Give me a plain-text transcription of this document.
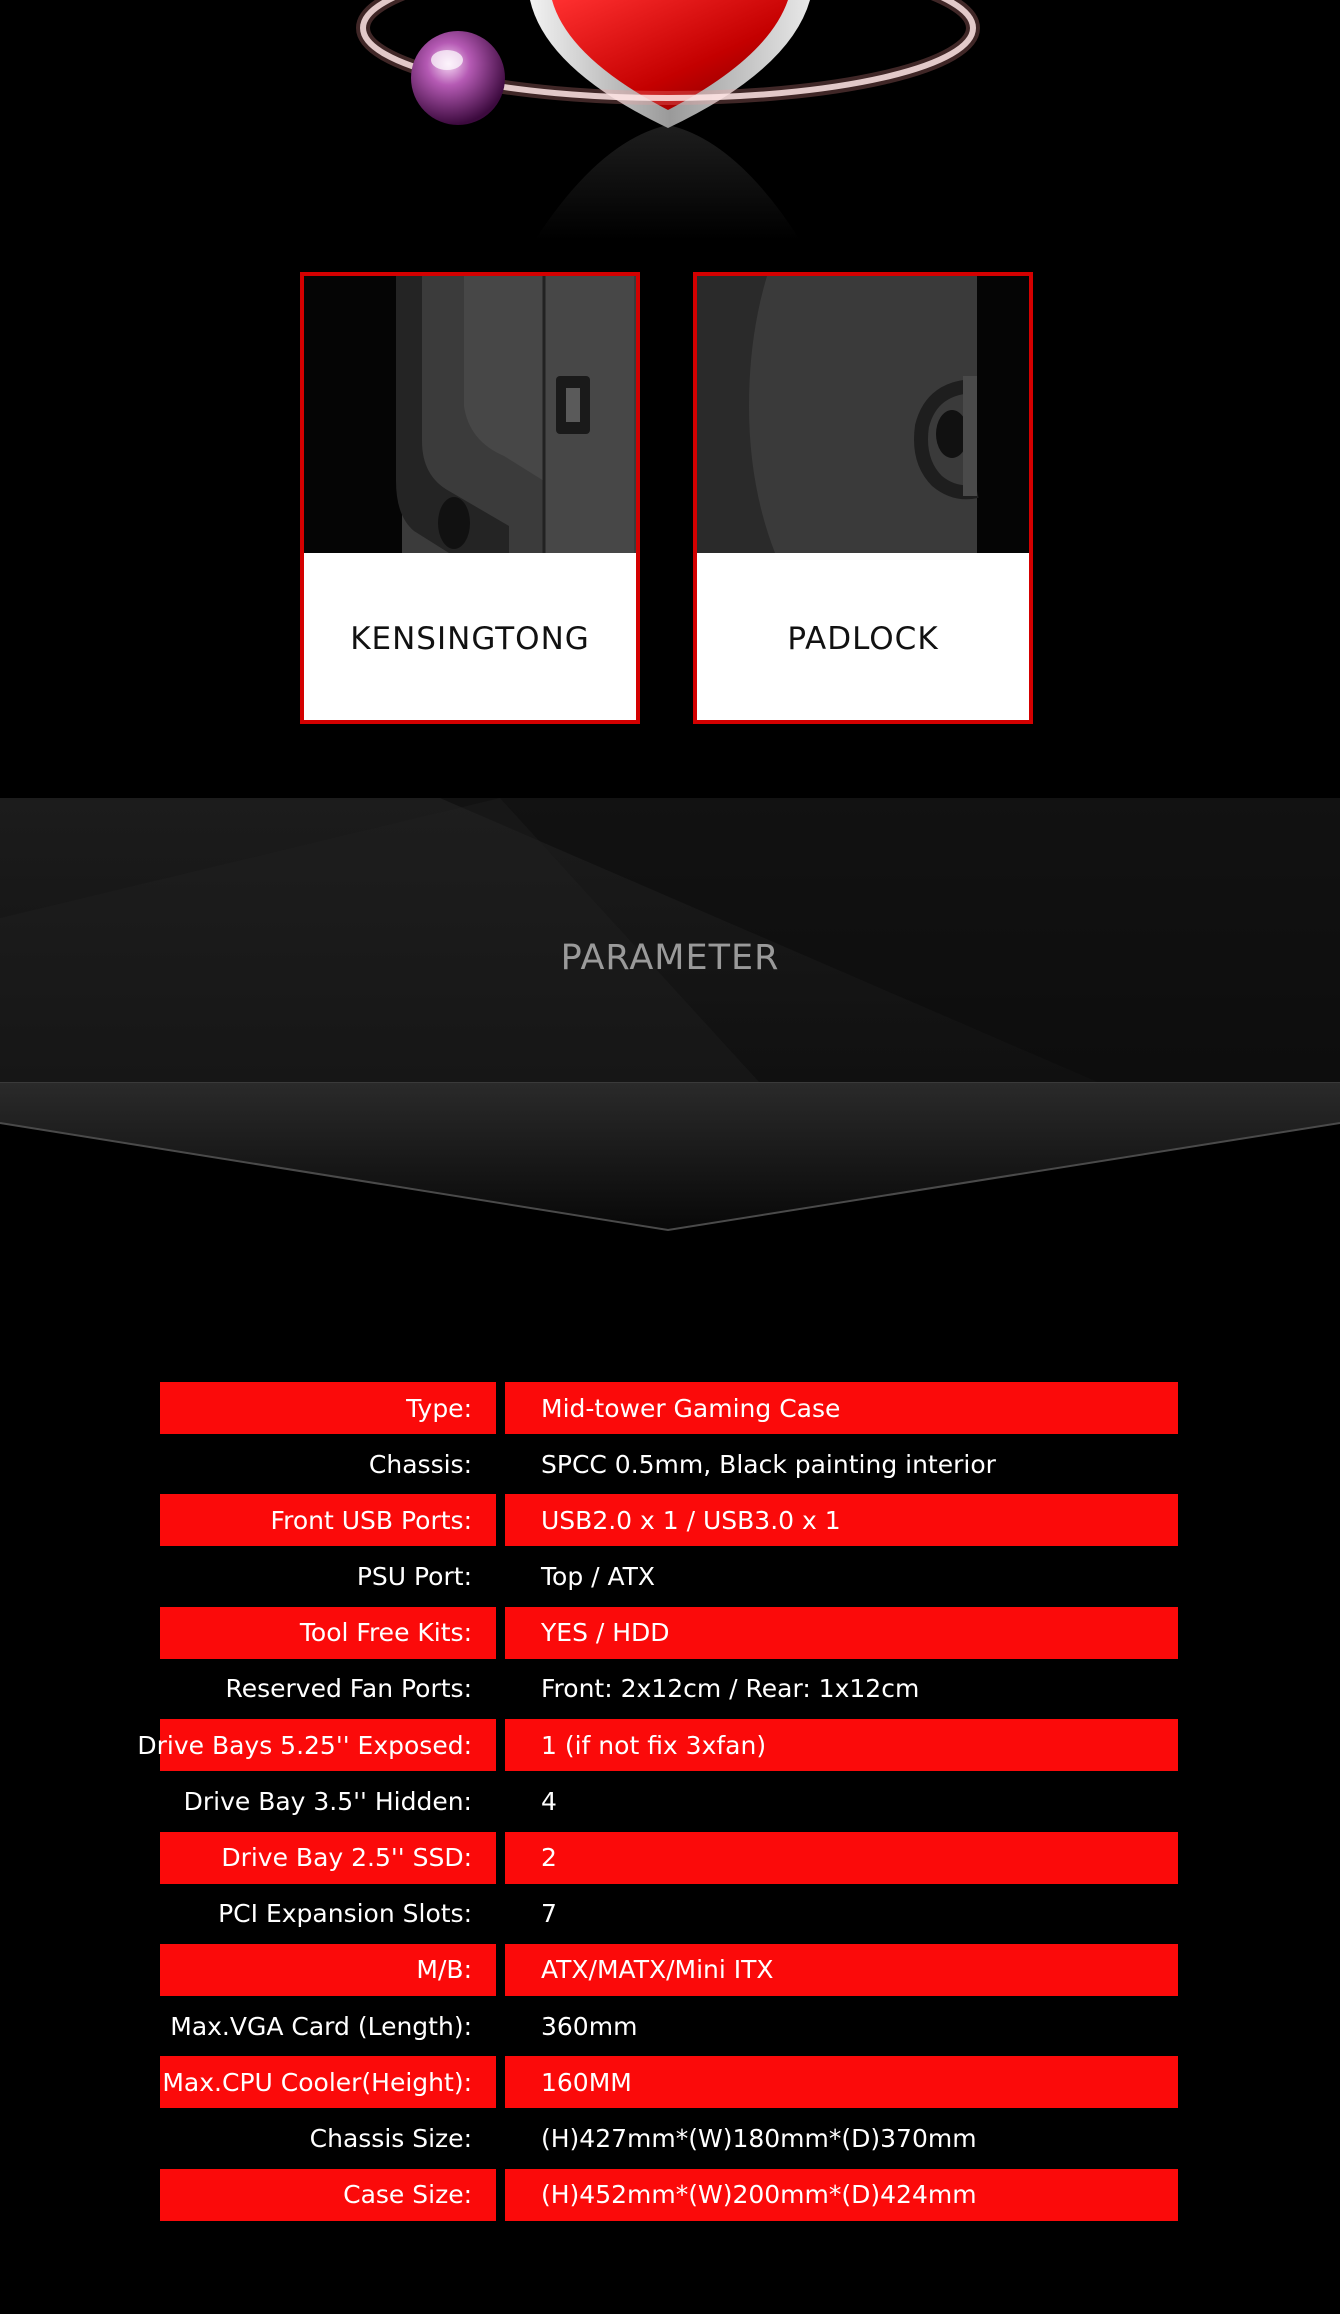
KENSINGTONG	PADLOCK
PARAMETER
Type:	Mid-tower Gaming Case
Chassis:	SPCC 0.5mm, Black painting interior
Front USB Ports:	USB2.0 x 1 / USB3.0 x 1
PSU Port:	Top / ATX
Tool Free Kits:	YES / HDD
Reserved Fan Ports:	Front: 2x12cm / Rear: 1x12cm
Drive Bays 5.25'' Exposed:	1 (if not fix 3xfan)
Drive Bay 3.5'' Hidden:	4
Drive Bay 2.5'' SSD:	2
PCI Expansion Slots:	7
M/B:	ATX/MATX/Mini ITX
Max.VGA Card (Length):	360mm
Max.CPU Cooler(Height):	160MM
Chassis Size:	(H)427mm*(W)180mm*(D)370mm
Case Size:	(H)452mm*(W)200mm*(D)424mm
